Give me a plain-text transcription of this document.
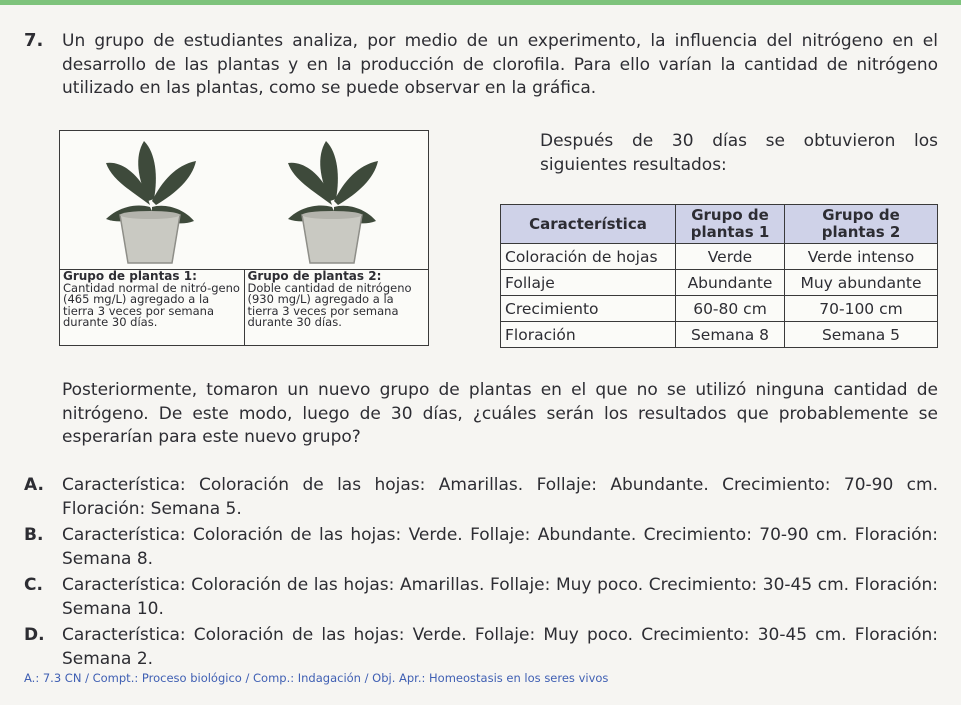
7. Un grupo de estudiantes analiza, por medio de un experimento, la influencia del nitrógeno en el desarrollo de las plantas y en la producción de clorofila. Para ello varían la cantidad de nitrógeno utilizado en las plantas, como se puede observar en la gráfica.
Grupo de plantas 1:
Cantidad normal de nitró-geno (465 mg/L) agregado a la tierra 3 veces por semana durante 30 días.
Grupo de plantas 2:
Doble cantidad de nitrógeno (930 mg/L) agregado a la tierra 3 veces por semana durante 30 días.
Después de 30 días se obtuvieron los siguientes resultados:
Característica	Grupo de plantas 1	Grupo de plantas 2
Coloración de hojas	Verde	Verde intenso
Follaje	Abundante	Muy abundante
Crecimiento	60-80 cm	70-100 cm
Floración	Semana 8	Semana 5
Posteriormente, tomaron un nuevo grupo de plantas en el que no se utilizó ninguna cantidad de nitrógeno. De este modo, luego de 30 días, ¿cuáles serán los resultados que probablemente se esperarían para este nuevo grupo?
A.	Característica: Coloración de las hojas: Amarillas. Follaje: Abundante. Crecimiento: 70-90 cm. Floración: Semana 5.
B.	Característica: Coloración de las hojas: Verde. Follaje: Abundante. Crecimiento: 70-90 cm. Floración: Semana 8.
C.	Característica: Coloración de las hojas: Amarillas. Follaje: Muy poco. Crecimiento: 30-45 cm. Floración: Semana 10.
D.	Característica: Coloración de las hojas: Verde. Follaje: Muy poco. Crecimiento: 30-45 cm. Floración: Semana 2.
A.: 7.3 CN / Compt.: Proceso biológico / Comp.: Indagación / Obj. Apr.: Homeostasis en los seres vivos
